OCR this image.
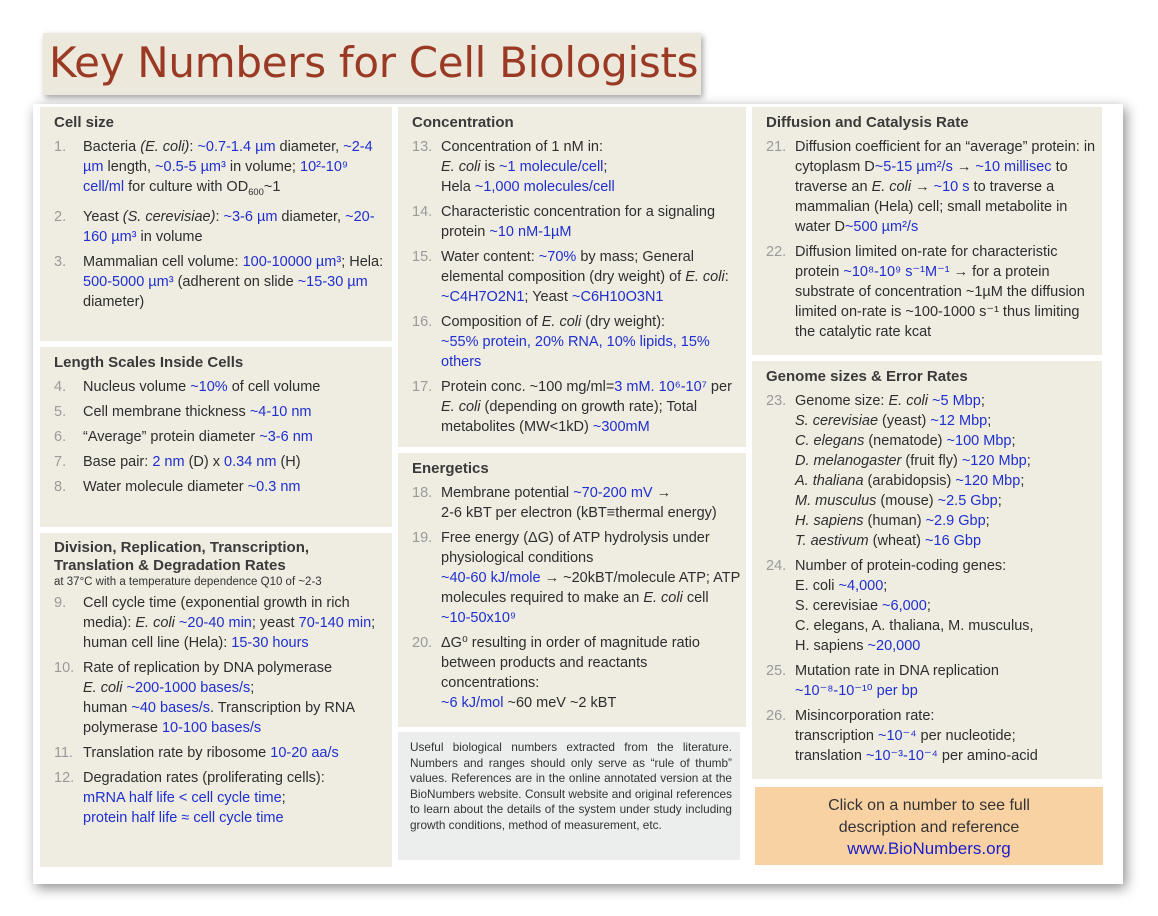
Key Numbers for Cell Biologists
Cell size
1.	Bacteria (E. coli): ~0.7-1.4 µm diameter, ~2-4 µm length, ~0.5-5 µm³ in volume; 10²-10⁹ cell/ml for culture with $OD_{600}\sim 1$
2.	Yeast (S. cerevisiae): ~3-6 µm diameter, ~20-160 µm³ in volume
3.	Mammalian cell volume: 100-10000 µm³; Hela: 500-5000 µm³ (adherent on slide ~15-30 µm diameter)
Length Scales Inside Cells
4.	Nucleus volume ~10% of cell volume
5.	Cell membrane thickness ~4-10 nm
6.	“Average” protein diameter ~3-6 nm
7.	Base pair: 2 nm (D) x 0.34 nm (H)
8.	Water molecule diameter ~0.3 nm
Division, Replication, Transcription, Translation & Degradation Rates
at 37°C with a temperature dependence Q10 of ~2-3
9.	Cell cycle time (exponential growth in rich media): E. coli ~20-40 min; yeast 70-140 min; human cell line (Hela): 15-30 hours
10. Rate of replication by DNA polymerase
E. coli ~200-1000 bases/s;
human ~40 bases/s. Transcription by RNA polymerase 10-100 bases/s
11. Translation rate by ribosome 10-20 aa/s
12. Degradation rates (proliferating cells):
mRNA half life < cell cycle time;
protein half life ≈ cell cycle time
Concentration
13. Concentration of 1 nM in:
E. coli is ~1 molecule/cell;
Hela ~1,000 molecules/cell
14. Characteristic concentration for a signaling protein ~10 nM-1µM
15. Water content: ~70% by mass; General elemental composition (dry weight) of E. coli: ~C4H7O2N1; Yeast ~C6H10O3N1
16. Composition of E. coli (dry weight):
~55% protein, 20% RNA, 10% lipids, 15% others
17. Protein conc. ~100 mg/ml=3 mM. 10⁶-10⁷ per E. coli (depending on growth rate); Total metabolites (MW<1kD) ~300mM
Energetics
18. Membrane potential ~70-200 mV →
2-6 kBT per electron (kBT≡thermal energy)
19. Free energy (ΔG) of ATP hydrolysis under physiological conditions
~40-60 kJ/mole → ~20kBT/molecule ATP; ATP molecules required to make an E. coli cell ~10-50x10⁹
20. ΔG⁰ resulting in order of magnitude ratio between products and reactants concentrations:
~6 kJ/mol ~60 meV ~2 kBT
Useful biological numbers extracted from the literature. Numbers and ranges should only serve as “rule of thumb” values. References are in the online annotated version at the BioNumbers website. Consult website and original references to learn about the details of the system under study including growth conditions, method of measurement, etc.
Diffusion and Catalysis Rate
21. Diffusion coefficient for an “average” protein: in cytoplasm D~5-15 µm²/s → ~10 millisec to traverse an E. coli → ~10 s to traverse a mammalian (Hela) cell; small metabolite in water D~500 µm²/s
22. Diffusion limited on-rate for characteristic protein ~10⁸-10⁹ s⁻¹M⁻¹ → for a protein substrate of concentration ~1µM the diffusion limited on-rate is ~100-1000 s⁻¹ thus limiting the catalytic rate kcat
Genome sizes & Error Rates
23. Genome size: E. coli ~5 Mbp;
S. cerevisiae (yeast) ~12 Mbp;
C. elegans (nematode) ~100 Mbp;
D. melanogaster (fruit fly) ~120 Mbp;
A. thaliana (arabidopsis) ~120 Mbp;
M. musculus (mouse) ~2.5 Gbp;
H. sapiens (human) ~2.9 Gbp;
T. aestivum (wheat) ~16 Gbp
24. Number of protein-coding genes:
E. coli ~4,000;
S. cerevisiae ~6,000;
C. elegans, A. thaliana, M. musculus,
H. sapiens ~20,000
25. Mutation rate in DNA replication
~10⁻⁸-10⁻¹⁰ per bp
26. Misincorporation rate:
transcription ~10⁻⁴ per nucleotide;
translation ~10⁻³-10⁻⁴ per amino-acid
Click on a number to see full
description and reference
www.BioNumbers.org
